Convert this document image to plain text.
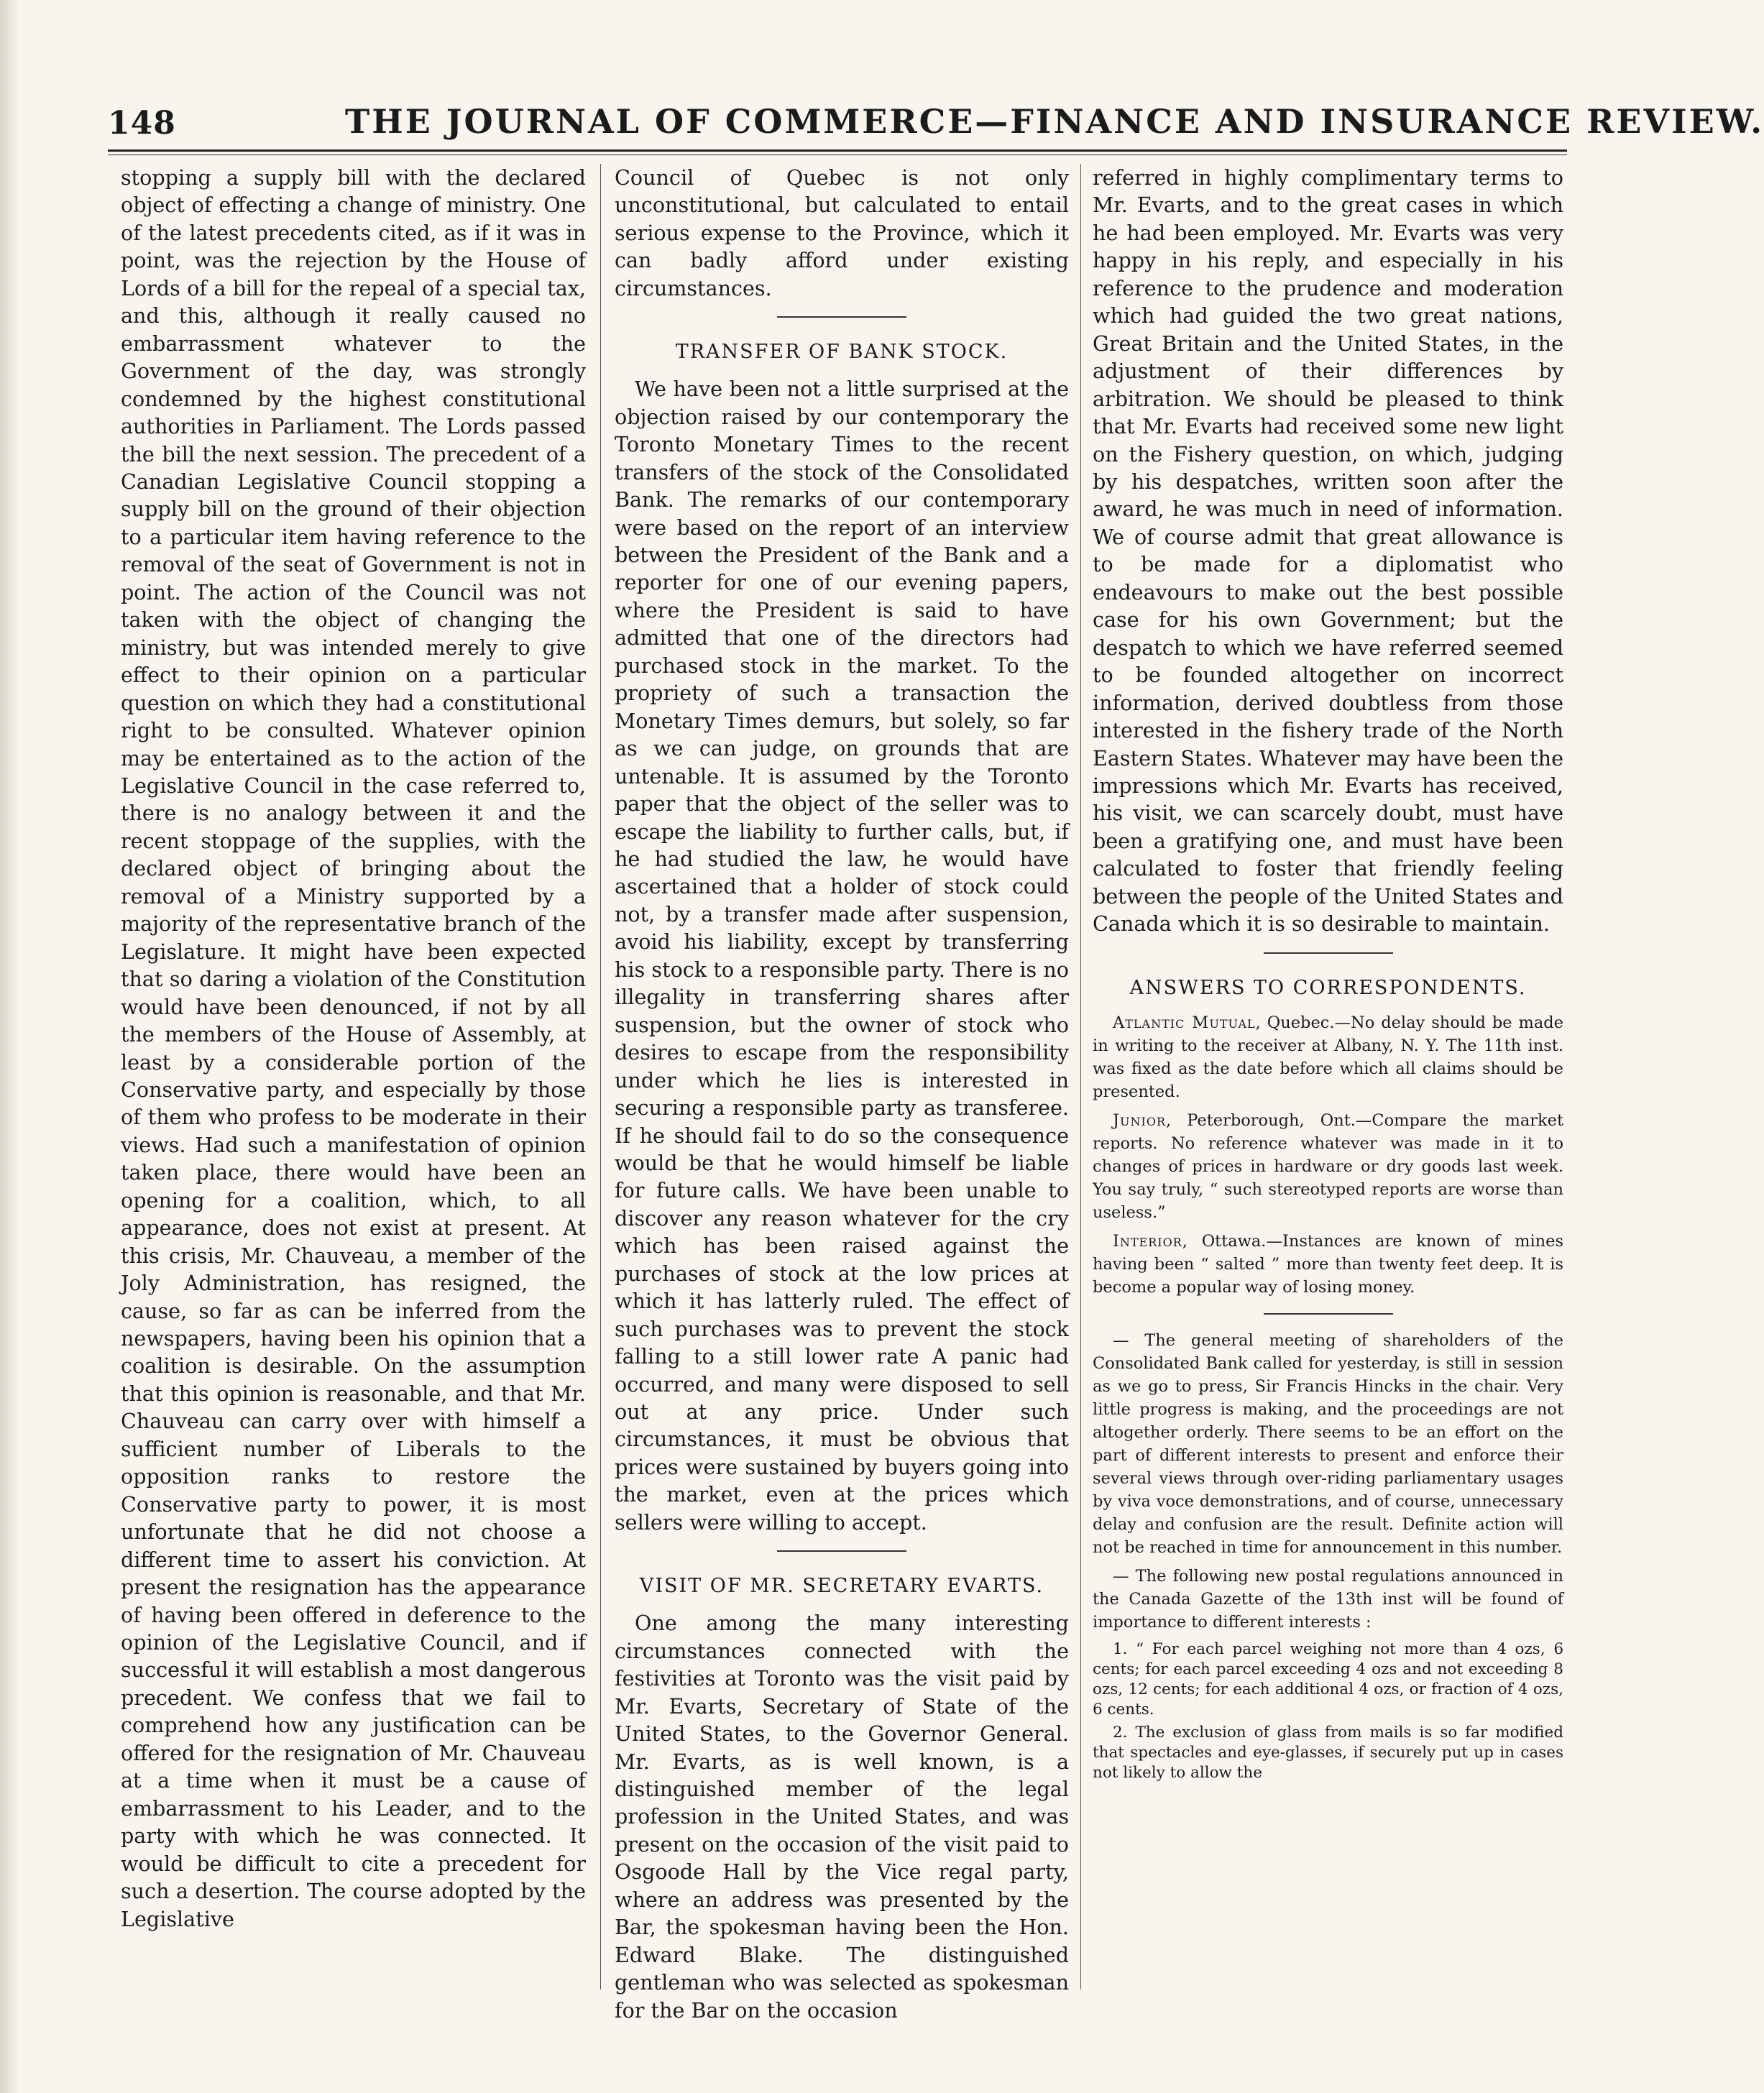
148	THE JOURNAL OF COMMERCE—FINANCE AND INSURANCE REVIEW.

stopping a supply bill with the declared object of effecting a change of ministry. One of the latest precedents cited, as if it was in point, was the rejection by the House of Lords of a bill for the repeal of a special tax, and this, although it really caused no embarrassment whatever to the Government of the day, was strongly condemned by the highest constitutional authorities in Parliament. The Lords passed the bill the next session. The precedent of a Canadian Legislative Council stopping a supply bill on the ground of their objection to a particular item having reference to the removal of the seat of Government is not in point. The action of the Council was not taken with the object of changing the ministry, but was intended merely to give effect to their opinion on a particular question on which they had a constitutional right to be consulted. Whatever opinion may be entertained as to the action of the Legislative Council in the case referred to, there is no analogy between it and the recent stoppage of the supplies, with the declared object of bringing about the removal of a Ministry supported by a majority of the representative branch of the Legislature. It might have been expected that so daring a violation of the Constitution would have been denounced, if not by all the members of the House of Assembly, at least by a considerable portion of the Conservative party, and especially by those of them who profess to be moderate in their views. Had such a manifestation of opinion taken place, there would have been an opening for a coalition, which, to all appearance, does not exist at present. At this crisis, Mr. Chauveau, a member of the Joly Administration, has resigned, the cause, so far as can be inferred from the newspapers, having been his opinion that a coalition is desirable. On the assumption that this opinion is reasonable, and that Mr. Chauveau can carry over with himself a sufficient number of Liberals to the opposition ranks to restore the Conservative party to power, it is most unfortunate that he did not choose a different time to assert his conviction. At present the resignation has the appearance of having been offered in deference to the opinion of the Legislative Council, and if successful it will establish a most dangerous precedent. We confess that we fail to comprehend how any justification can be offered for the resignation of Mr. Chauveau at a time when it must be a cause of embarrassment to his Leader, and to the party with which he was connected. It would be difficult to cite a precedent for such a desertion. The course adopted by the Legislative

Council of Quebec is not only unconstitutional, but calculated to entail serious expense to the Province, which it can badly afford under existing circumstances.

TRANSFER OF BANK STOCK.

We have been not a little surprised at the objection raised by our contemporary the Toronto Monetary Times to the recent transfers of the stock of the Consolidated Bank. The remarks of our contemporary were based on the report of an interview between the President of the Bank and a reporter for one of our evening papers, where the President is said to have admitted that one of the directors had purchased stock in the market. To the propriety of such a transaction the Monetary Times demurs, but solely, so far as we can judge, on grounds that are untenable. It is assumed by the Toronto paper that the object of the seller was to escape the liability to further calls, but, if he had studied the law, he would have ascertained that a holder of stock could not, by a transfer made after suspension, avoid his liability, except by transferring his stock to a responsible party. There is no illegality in transferring shares after suspension, but the owner of stock who desires to escape from the responsibility under which he lies is interested in securing a responsible party as transferee. If he should fail to do so the consequence would be that he would himself be liable for future calls. We have been unable to discover any reason whatever for the cry which has been raised against the purchases of stock at the low prices at which it has latterly ruled. The effect of such purchases was to prevent the stock falling to a still lower rate A panic had occurred, and many were disposed to sell out at any price. Under such circumstances, it must be obvious that prices were sustained by buyers going into the market, even at the prices which sellers were willing to accept.

VISIT OF MR. SECRETARY EVARTS.

One among the many interesting circumstances connected with the festivities at Toronto was the visit paid by Mr. Evarts, Secretary of State of the United States, to the Governor General. Mr. Evarts, as is well known, is a distinguished member of the legal profession in the United States, and was present on the occasion of the visit paid to Osgoode Hall by the Vice regal party, where an address was presented by the Bar, the spokesman having been the Hon. Edward Blake. The distinguished gentleman who was selected as spokesman for the Bar on the occasion

referred in highly complimentary terms to Mr. Evarts, and to the great cases in which he had been employed. Mr. Evarts was very happy in his reply, and especially in his reference to the prudence and moderation which had guided the two great nations, Great Britain and the United States, in the adjustment of their differences by arbitration. We should be pleased to think that Mr. Evarts had received some new light on the Fishery question, on which, judging by his despatches, written soon after the award, he was much in need of information. We of course admit that great allowance is to be made for a diplomatist who endeavours to make out the best possible case for his own Government; but the despatch to which we have referred seemed to be founded altogether on incorrect information, derived doubtless from those interested in the fishery trade of the North Eastern States. Whatever may have been the impressions which Mr. Evarts has received, his visit, we can scarcely doubt, must have been a gratifying one, and must have been calculated to foster that friendly feeling between the people of the United States and Canada which it is so desirable to maintain.

ANSWERS TO CORRESPONDENTS.

Atlantic Mutual, Quebec.—No delay should be made in writing to the receiver at Albany, N. Y. The 11th inst. was fixed as the date before which all claims should be presented.

Junior, Peterborough, Ont.—Compare the market reports. No reference whatever was made in it to changes of prices in hardware or dry goods last week. You say truly, “ such stereotyped reports are worse than useless.”

Interior, Ottawa.—Instances are known of mines having been “ salted ” more than twenty feet deep. It is become a popular way of losing money.

— The general meeting of shareholders of the Consolidated Bank called for yesterday, is still in session as we go to press, Sir Francis Hincks in the chair. Very little progress is making, and the proceedings are not altogether orderly. There seems to be an effort on the part of different interests to present and enforce their several views through over-riding parliamentary usages by viva voce demonstrations, and of course, unnecessary delay and confusion are the result. Definite action will not be reached in time for announcement in this number.

— The following new postal regulations announced in the Canada Gazette of the 13th inst will be found of importance to different interests :

1. “ For each parcel weighing not more than 4 ozs, 6 cents; for each parcel exceeding 4 ozs and not exceeding 8 ozs, 12 cents; for each additional 4 ozs, or fraction of 4 ozs, 6 cents.

2. The exclusion of glass from mails is so far modified that spectacles and eye-glasses, if securely put up in cases not likely to allow the
